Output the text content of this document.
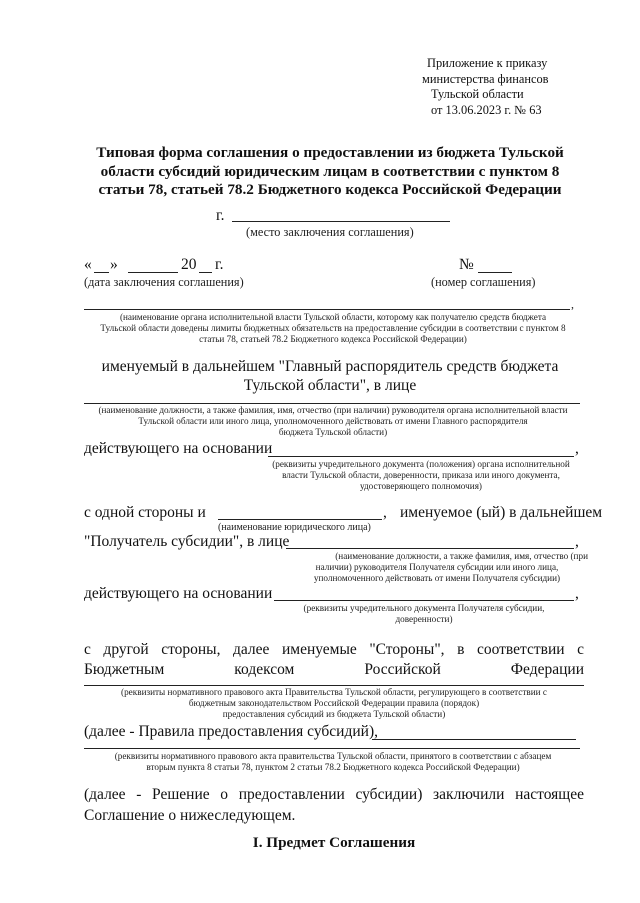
Приложение к приказу
министерства финансов
Тульской области
от 13.06.2023 г. № 63
Типовая форма соглашения о предоставлении из бюджета Тульской
области субсидий юридическим лицам в соответствии с пунктом 8
статьи 78, статьей 78.2 Бюджетного кодекса Российской Федерации
г.
(место заключения соглашения)
« »	20 г.
(дата заключения соглашения)
№
(номер соглашения)
,
(наименование органа исполнительной власти Тульской области, которому как получателю средств бюджета
Тульской области доведены лимиты бюджетных обязательств на предоставление субсидии в соответствии с пунктом 8
статьи 78, статьей 78.2 Бюджетного кодекса Российской Федерации)
именуемый в дальнейшем "Главный распорядитель средств бюджета
Тульской области", в лице
(наименование должности, а также фамилия, имя, отчество (при наличии) руководителя органа исполнительной власти
Тульской области или иного лица, уполномоченного действовать от имени Главного распорядителя
бюджета Тульской области)
действующего на основании	,
(реквизиты учредительного документа (положения) органа исполнительной
власти Тульской области, доверенности, приказа или иного документа,
удостоверяющего полномочия)
с одной стороны и	, именуемое (ый) в дальнейшем
(наименование юридического лица)
"Получатель субсидии", в лице	,
(наименование должности, а также фамилия, имя, отчество (при
наличии) руководителя Получателя субсидии или иного лица,
уполномоченного действовать от имени Получателя субсидии)
действующего на основании	,
(реквизиты учредительного документа Получателя субсидии,
доверенности)
с другой стороны, далее именуемые "Стороны", в соответствии с
Бюджетным кодексом Российской Федерации
(реквизиты нормативного правового акта Правительства Тульской области, регулирующего в соответствии с
бюджетным законодательством Российской Федерации правила (порядок)
предоставления субсидий из бюджета Тульской области)
(далее - Правила предоставления субсидий),
(реквизиты нормативного правового акта правительства Тульской области, принятого в соответствии с абзацем
вторым пункта 8 статьи 78, пунктом 2 статьи 78.2 Бюджетного кодекса Российской Федерации)
(далее - Решение о предоставлении субсидии) заключили настоящее
Соглашение о нижеследующем.
I. Предмет Соглашения
